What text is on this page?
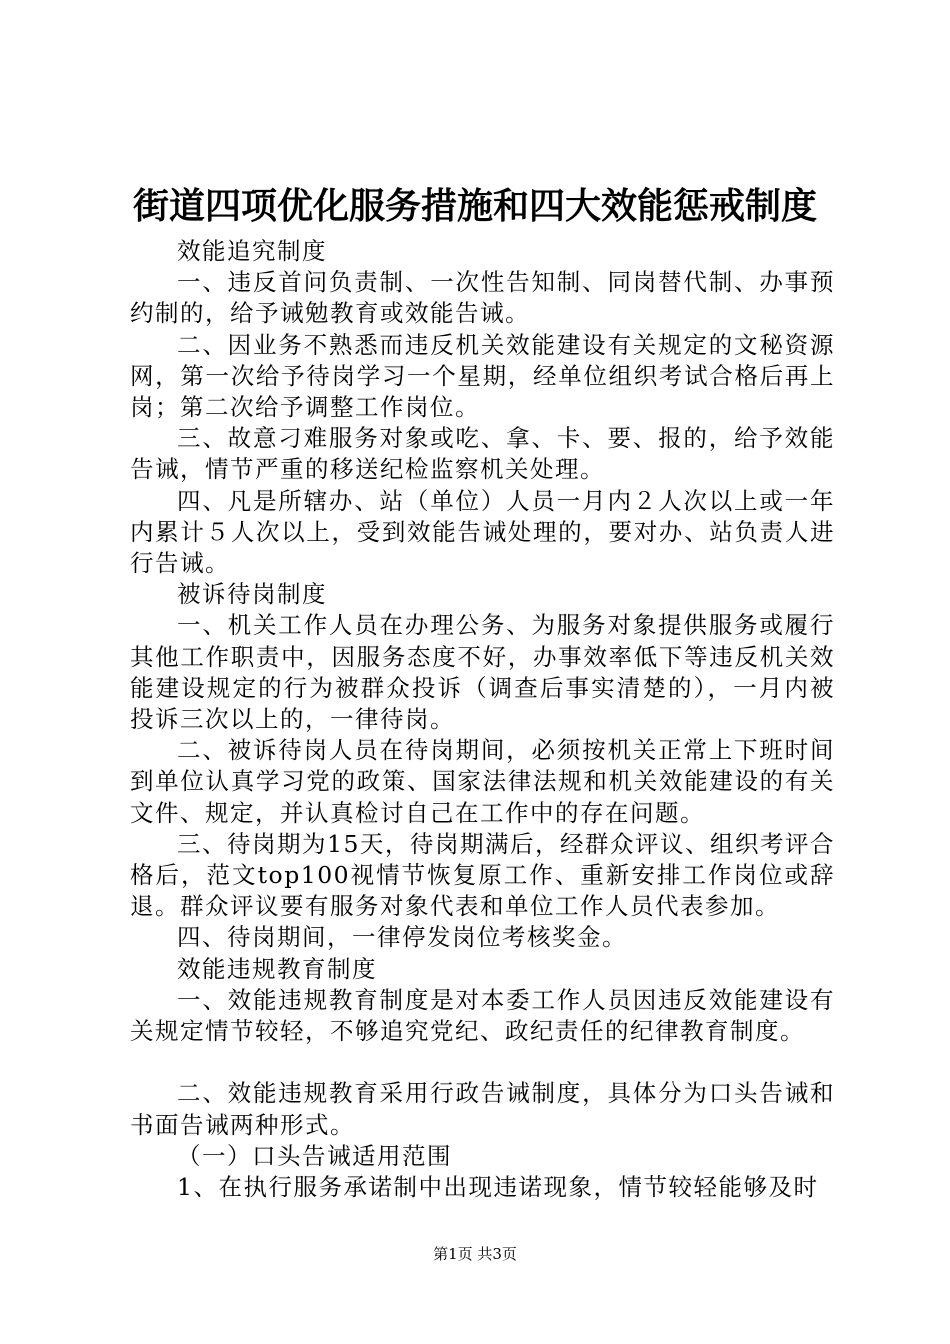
街道四项优化服务措施和四大效能惩戒制度

效能追究制度

一、违反首问负责制、一次性告知制、同岗替代制、办事预约制的，给予诫勉教育或效能告诫。

二、因业务不熟悉而违反机关效能建设有关规定的文秘资源网，第一次给予待岗学习一个星期，经单位组织考试合格后再上岗；第二次给予调整工作岗位。

三、故意刁难服务对象或吃、拿、卡、要、报的，给予效能告诫，情节严重的移送纪检监察机关处理。

四、凡是所辖办、站（单位）人员一月内２人次以上或一年内累计５人次以上，受到效能告诫处理的，要对办、站负责人进行告诫。

被诉待岗制度

一、机关工作人员在办理公务、为服务对象提供服务或履行其他工作职责中，因服务态度不好，办事效率低下等违反机关效能建设规定的行为被群众投诉（调查后事实清楚的），一月内被投诉三次以上的，一律待岗。

二、被诉待岗人员在待岗期间，必须按机关正常上下班时间到单位认真学习党的政策、国家法律法规和机关效能建设的有关文件、规定，并认真检讨自己在工作中的存在问题。

三、待岗期为15天，待岗期满后，经群众评议、组织考评合格后，范文top100视情节恢复原工作、重新安排工作岗位或辞退。群众评议要有服务对象代表和单位工作人员代表参加。

四、待岗期间，一律停发岗位考核奖金。

效能违规教育制度

一、效能违规教育制度是对本委工作人员因违反效能建设有关规定情节较轻，不够追究党纪、政纪责任的纪律教育制度。

二、效能违规教育采用行政告诫制度，具体分为口头告诫和书面告诫两种形式。

（一）口头告诫适用范围

1、在执行服务承诺制中出现违诺现象，情节较轻能够及时

第1页 共3页
